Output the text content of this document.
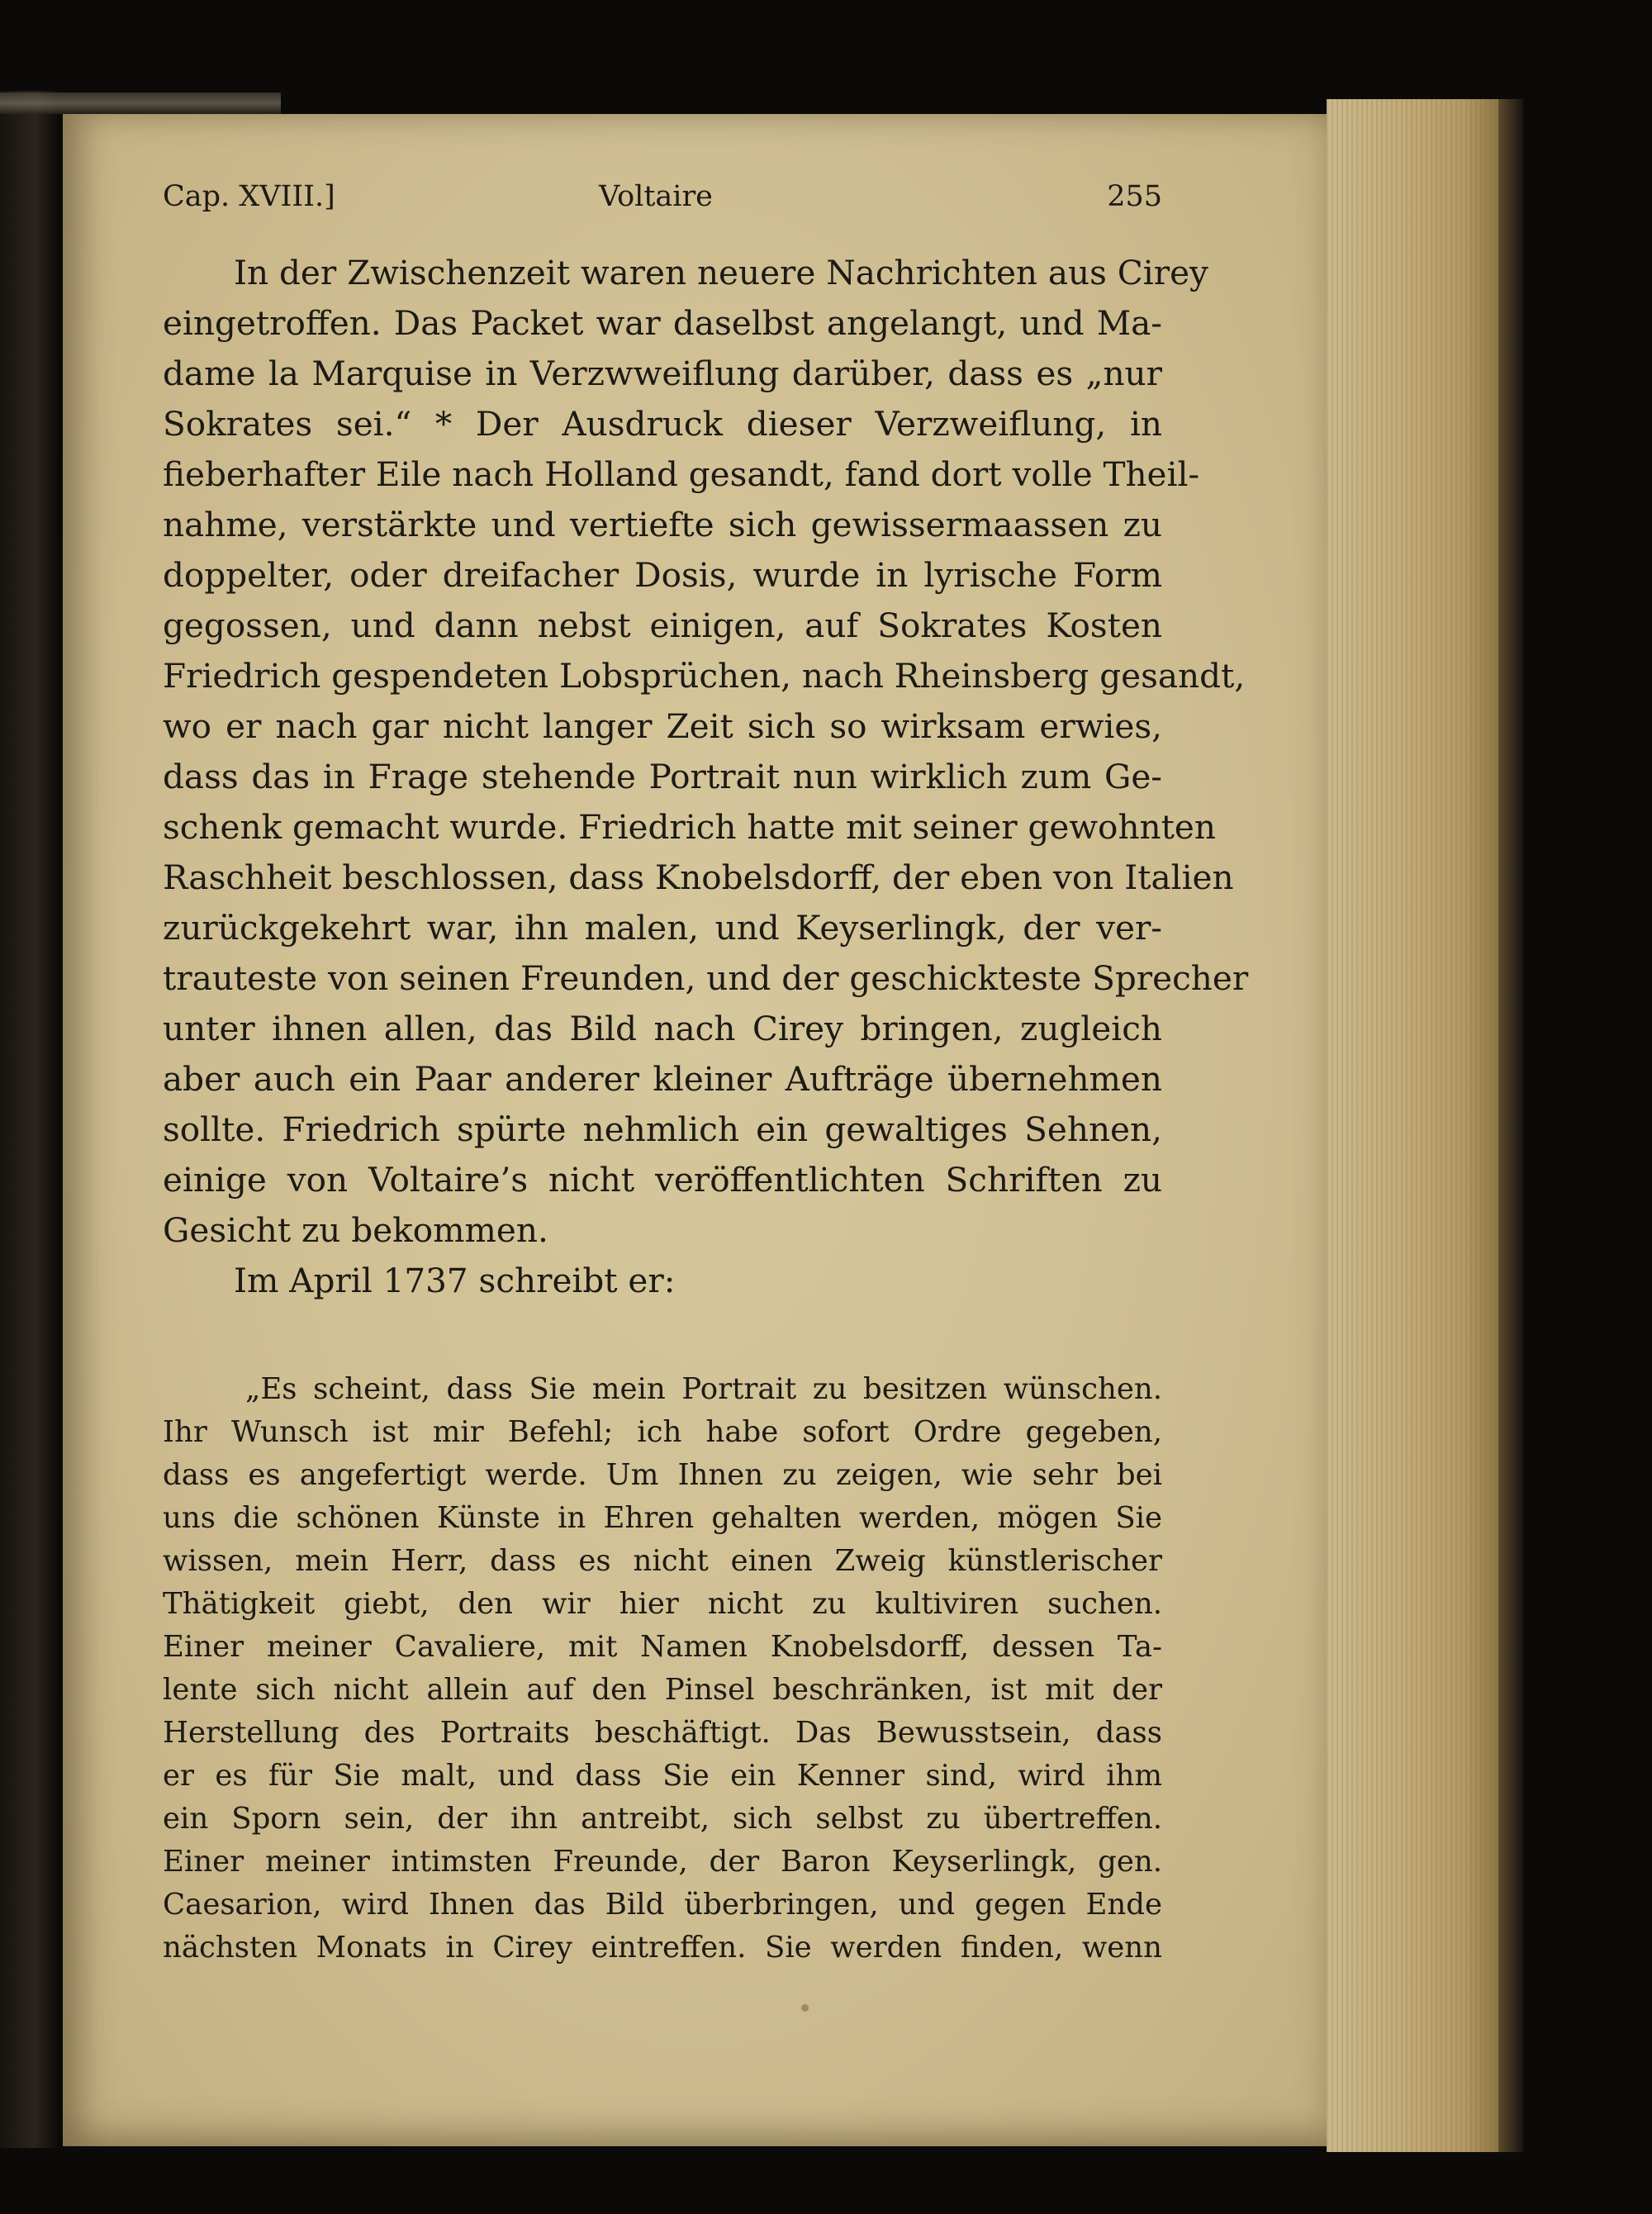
Cap. XVIII.]	Voltaire	255
In der Zwischenzeit waren neuere Nachrichten aus Cirey
eingetroffen. Das Packet war daselbst angelangt, und Ma-
dame la Marquise in Verzwweiflung darüber, dass es „nur
Sokrates sei.“ * Der Ausdruck dieser Verzweiflung, in
fieberhafter Eile nach Holland gesandt, fand dort volle Theil-
nahme, verstärkte und vertiefte sich gewissermaassen zu
doppelter, oder dreifacher Dosis, wurde in lyrische Form
gegossen, und dann nebst einigen, auf Sokrates Kosten
Friedrich gespendeten Lobsprüchen, nach Rheinsberg gesandt,
wo er nach gar nicht langer Zeit sich so wirksam erwies,
dass das in Frage stehende Portrait nun wirklich zum Ge-
schenk gemacht wurde. Friedrich hatte mit seiner gewohnten
Raschheit beschlossen, dass Knobelsdorff, der eben von Italien
zurückgekehrt war, ihn malen, und Keyserlingk, der ver-
trauteste von seinen Freunden, und der geschickteste Sprecher
unter ihnen allen, das Bild nach Cirey bringen, zugleich
aber auch ein Paar anderer kleiner Aufträge übernehmen
sollte. Friedrich spürte nehmlich ein gewaltiges Sehnen,
einige von Voltaire’s nicht veröffentlichten Schriften zu
Gesicht zu bekommen.
Im April 1737 schreibt er:
„Es scheint, dass Sie mein Portrait zu besitzen wünschen.
Ihr Wunsch ist mir Befehl; ich habe sofort Ordre gegeben,
dass es angefertigt werde. Um Ihnen zu zeigen, wie sehr bei
uns die schönen Künste in Ehren gehalten werden, mögen Sie
wissen, mein Herr, dass es nicht einen Zweig künstlerischer
Thätigkeit giebt, den wir hier nicht zu kultiviren suchen.
Einer meiner Cavaliere, mit Namen Knobelsdorff, dessen Ta-
lente sich nicht allein auf den Pinsel beschränken, ist mit der
Herstellung des Portraits beschäftigt. Das Bewusstsein, dass
er es für Sie malt, und dass Sie ein Kenner sind, wird ihm
ein Sporn sein, der ihn antreibt, sich selbst zu übertreffen.
Einer meiner intimsten Freunde, der Baron Keyserlingk, gen.
Caesarion, wird Ihnen das Bild überbringen, und gegen Ende
nächsten Monats in Cirey eintreffen. Sie werden finden, wenn
